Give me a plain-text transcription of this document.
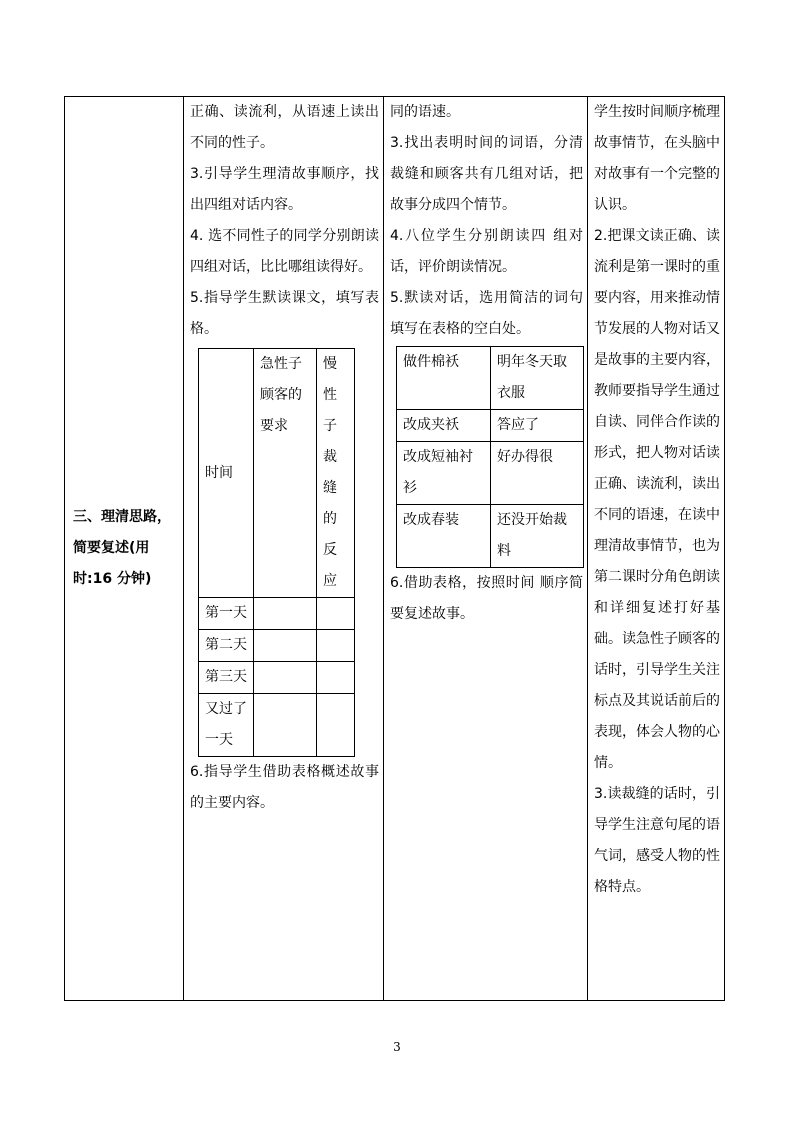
三、理清思路，简要复述(用时:16 分钟)

正确、读流利，从语速上读出不同的性子。

3.引导学生理清故事顺序，找出四组对话内容。

4. 选不同性子的同学分别朗读四组对话，比比哪组读得好。

5.指导学生默读课文，填写表格。

时间	急性子顾客的要求	慢性子裁缝的反应
第一天		
第二天		
第三天		
又过了一天		

6.指导学生借助表格概述故事的主要内容。

同的语速。

3.找出表明时间的词语，分清裁缝和顾客共有几组对话，把故事分成四个情节。

4.八位学生分别朗读四 组对话，评价朗读情况。

5.默读对话，选用简洁的词句填写在表格的空白处。

做件棉袄	明年冬天取衣服
改成夹袄	答应了
改成短袖衬衫	好办得很
改成春装	还没开始裁料

6.借助表格，按照时间 顺序简要复述故事。

学生按时间顺序梳理故事情节，在头脑中对故事有一个完整的认识。

2.把课文读正确、读流利是第一课时的重要内容，用来推动情节发展的人物对话又是故事的主要内容，教师要指导学生通过自读、同伴合作读的形式，把人物对话读正确、读流利，读出不同的语速，在读中理清故事情节，也为第二课时分角色朗读和详细复述打好基础。读急性子顾客的话时，引导学生关注标点及其说话前后的表现，体会人物的心情。

3.读裁缝的话时，引导学生注意句尾的语气词，感受人物的性格特点。

3
